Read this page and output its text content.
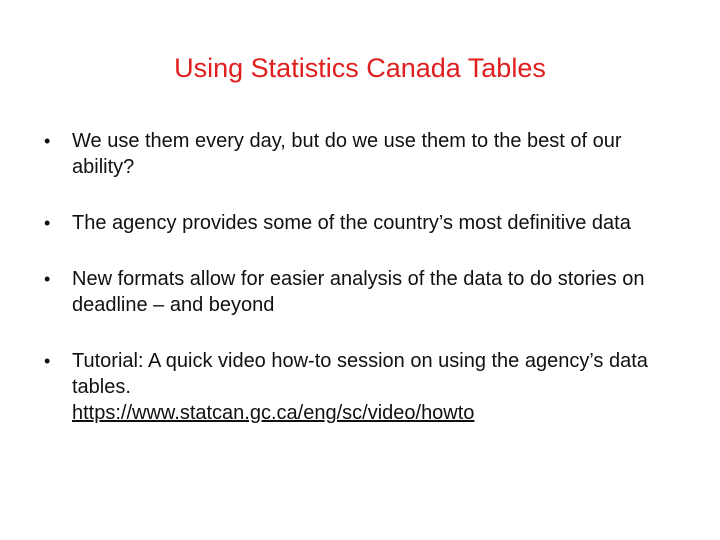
Using Statistics Canada Tables
•	We use them every day, but do we use them to the best of our ability?
•	The agency provides some of the country’s most definitive data
•	New formats allow for easier analysis of the data to do stories on deadline – and beyond
•	Tutorial: A quick video how-to session on using the agency’s data tables.
https://www.statcan.gc.ca/eng/sc/video/howto
